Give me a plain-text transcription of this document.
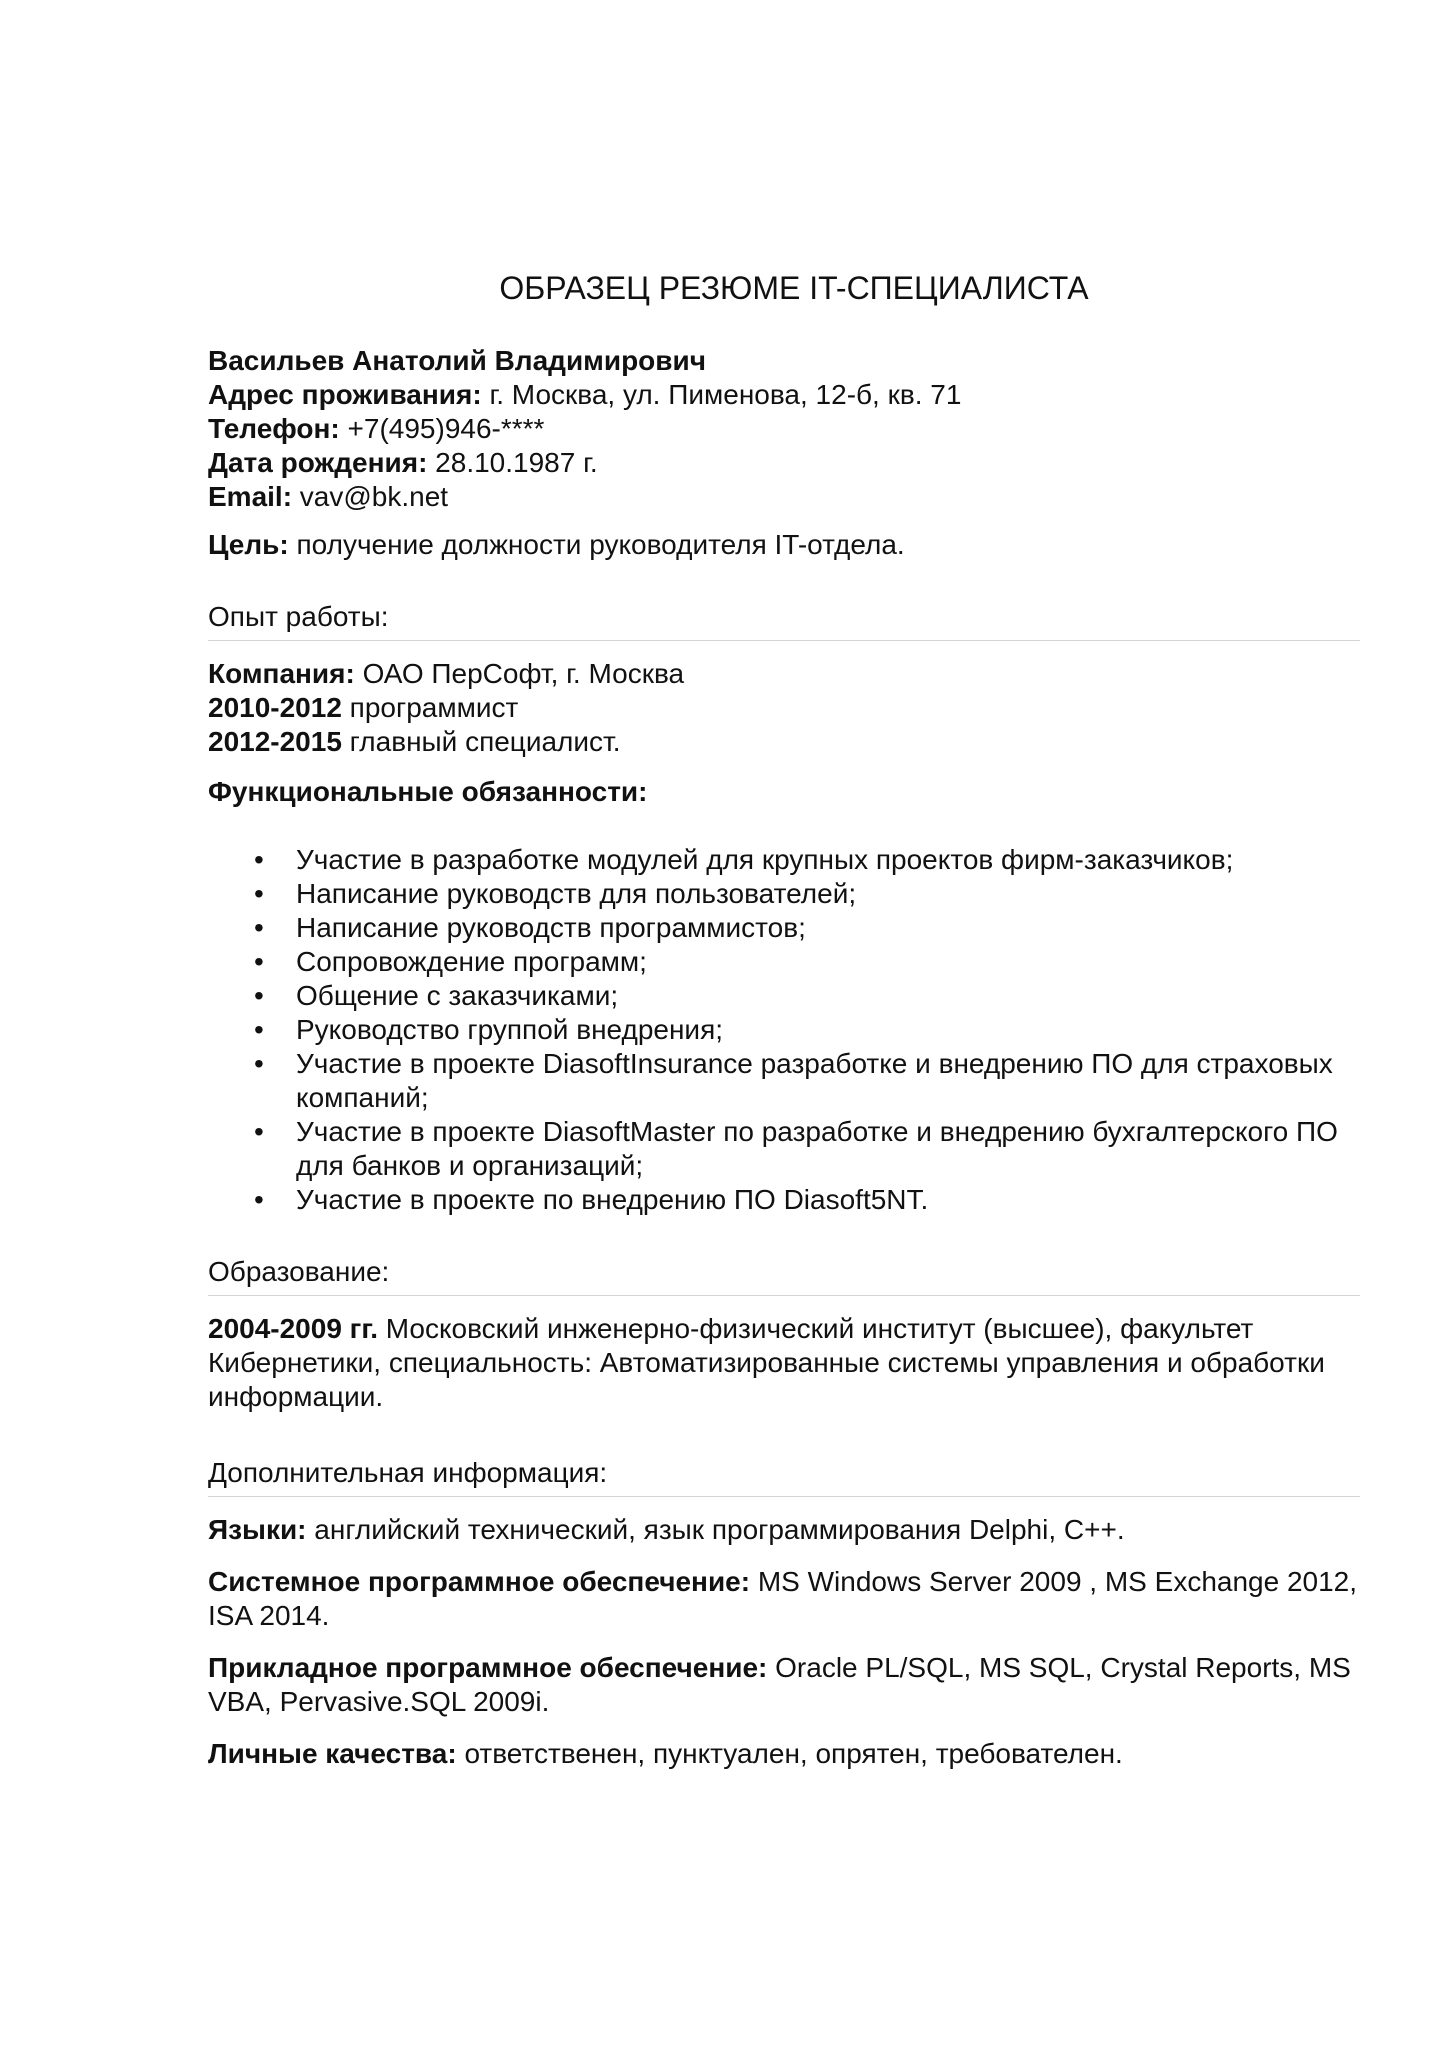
ОБРАЗЕЦ РЕЗЮМЕ IT-СПЕЦИАЛИСТА

Васильев Анатолий Владимирович

Адрес проживания: г. Москва, ул. Пименова, 12-б, кв. 71

Телефон: +7(495)946-****

Дата рождения: 28.10.1987 г.

Email: vav@bk.net

Цель: получение должности руководителя IT-отдела.

Опыт работы:

Компания: ОАО ПерСофт, г. Москва

2010-2012 программист

2012-2015 главный специалист.

Функциональные обязанности:

• Участие в разработке модулей для крупных проектов фирм-заказчиков;
• Написание руководств для пользователей;
• Написание руководств программистов;
• Сопровождение программ;
• Общение с заказчиками;
• Руководство группой внедрения;
• Участие в проекте DiasoftInsurance разработке и внедрению ПО для страховых компаний;
• Участие в проекте DiasoftMaster по разработке и внедрению бухгалтерского ПО для банков и организаций;
• Участие в проекте по внедрению ПО Diasoft5NT.
Образование:

2004-2009 гг. Московский инженерно-физический институт (высшее), факультет Кибернетики, специальность: Автоматизированные системы управления и обработки информации.

Дополнительная информация:

Языки: английский технический, язык программирования Delphi, С++.

Системное программное обеспечение: MS Windows Server 2009 , MS Exchange 2012, ISA 2014.

Прикладное программное обеспечение: Oracle PL/SQL, MS SQL, Crystal Reports, MS VBA, Pervasive.SQL 2009i.

Личные качества: ответственен, пунктуален, опрятен, требователен.
